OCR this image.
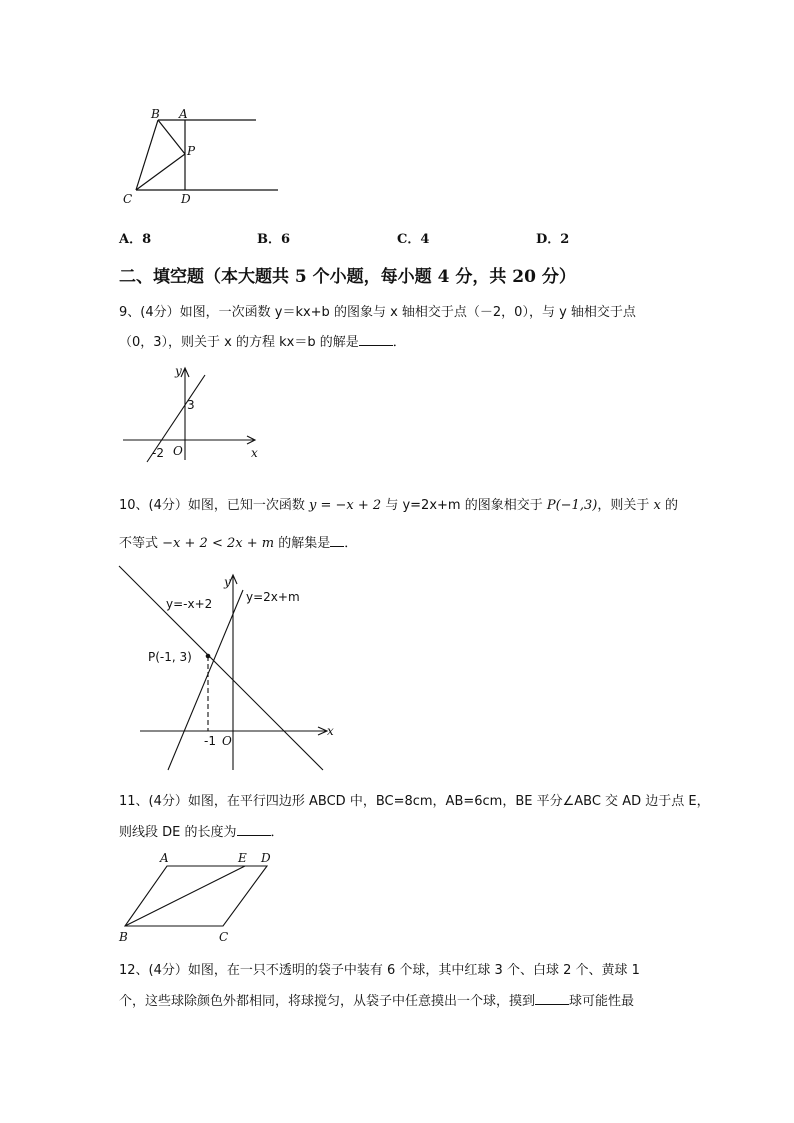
B A
P
C	D
A．8	B．6	C．4	D．2
二、填空题（本大题共 5 个小题，每小题 4 分，共 20 分）
9、(4分）如图，一次函数 y＝kx+b 的图象与 x 轴相交于点（－2，0），与 y 轴相交于点
（0，3），则关于 x 的方程 kx＝b 的解是	．
y
x
O
3
-2
10、(4分）如图，已知一次函数 y = −x + 2 与 y=2x+m 的图象相交于 P(−1,3)，则关于 x 的
不等式 −x + 2 < 2x + m 的解集是 ．
y
x
O
-1
y=-x+2	y=2x+m
P(-1, 3)
11、(4分）如图，在平行四边形 ABCD 中，BC=8cm，AB=6cm，BE 平分∠ABC 交 AD 边于点 E，
则线段 DE 的长度为	．
A	E D
B	C
12、(4分）如图，在一只不透明的袋子中装有 6 个球，其中红球 3 个、白球 2 个、黄球 1
个，这些球除颜色外都相同，将球搅匀，从袋子中任意摸出一个球，摸到	球可能性最
